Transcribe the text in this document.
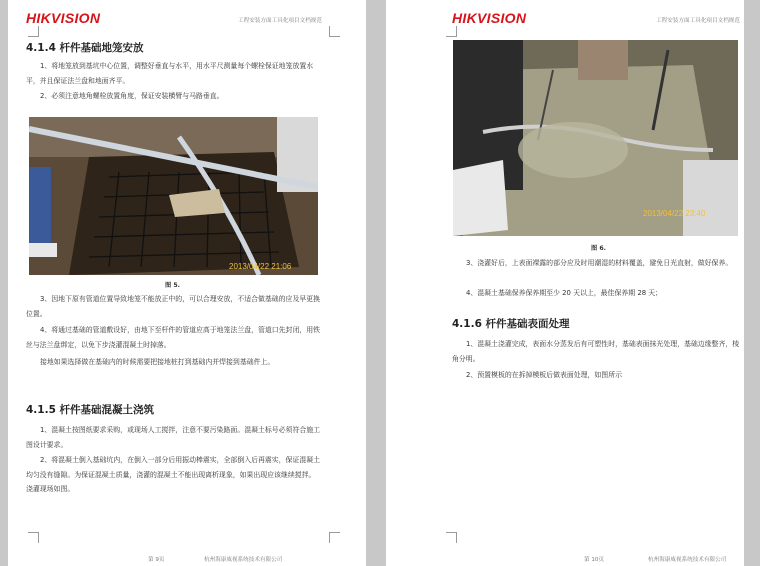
HIKVISION	工程安装方面工具化项目文档规范
4.1.4 杆件基础地笼安放

1、将地笼放到基坑中心位置，调整好垂直与水平，用水平尺测量每个螺栓保证地笼放置水平，并且保证法兰盘和地面齐平。

2、必须注意地角螺栓放置角度，保证安装横臂与马路垂直。

2013/04/22 21:06
图 5.

3、因地下原有管道位置导致地笼不能放正中的，可以合理安放，不适合做基础的应及早更换位置。

4、将通过基础的管道敷设好，由地下至杆件的管道应高于地笼法兰盘，管道口先封闭，用铁丝与法兰盘绑定，以免下步浇灌混凝土时掉落。

接地如果选择做在基础内的时候需要把接地桩打到基础内并焊接到基础件上。

4.1.5 杆件基础混凝土浇筑

1、混凝土按图纸要求采购，或现场人工搅拌，注意不要污染路面。混凝土标号必须符合施工图设计要求。

2、将混凝土倒入基础坑内，在倒入一部分后用振动棒震实，全部倒入后再震实，保证混凝土均匀没有缝隙。为保证混凝土质量，浇灌的混凝土不能出现离析现象，如果出现应该继续搅拌。浇灌现场如图。

第 9页	杭州海康威视系统技术有限公司
HIKVISION	工程安装方面工具化项目文档规范
2013/04/22 23:40
图 6.

3、浇灌好后，上表面裸露的部分应及时用潮湿的材料覆盖，避免日光直射，做好保养。

4、混凝土基础保养保养期至少 20 天以上，最佳保养期 28 天；

4.1.6 杆件基础表面处理

1、混凝土浇灌完成，表面水分蒸发后有可塑性时，基础表面抹光处理，基础边缘整齐，棱角分明。

2、预置模板的在拆掉模板后做表面处理，如图所示

第 10页	杭州海康威视系统技术有限公司
